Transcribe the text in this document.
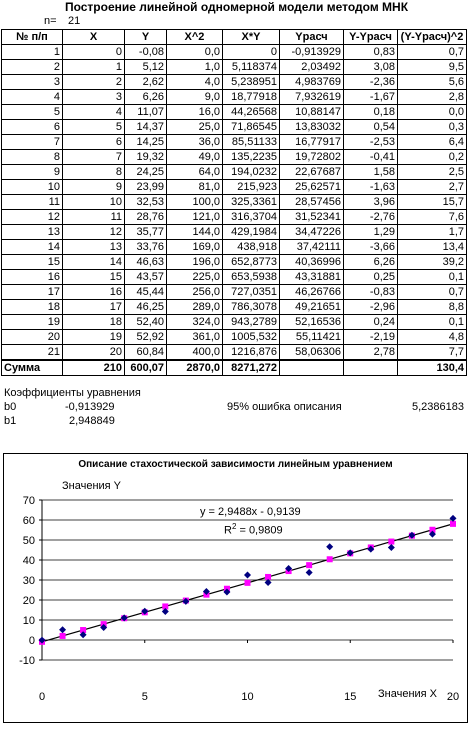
Построение линейной одномерной модели методом МНК
n= 21
№ п/п	X	Y	X^2	X*Y	Yрасч	Y-Yрасч	(Y-Yрасч)^2
1	0	-0,08	0,0	0	-0,913929	0,83	0,7
2	1	5,12	1,0	5,118374	2,03492	3,08	9,5
3	2	2,62	4,0	5,238951	4,983769	-2,36	5,6
4	3	6,26	9,0	18,77918	7,932619	-1,67	2,8
5	4	11,07	16,0	44,26568	10,88147	0,18	0,0
6	5	14,37	25,0	71,86545	13,83032	0,54	0,3
7	6	14,25	36,0	85,51133	16,77917	-2,53	6,4
8	7	19,32	49,0	135,2235	19,72802	-0,41	0,2
9	8	24,25	64,0	194,0232	22,67687	1,58	2,5
10	9	23,99	81,0	215,923	25,62571	-1,63	2,7
11	10	32,53	100,0	325,3361	28,57456	3,96	15,7
12	11	28,76	121,0	316,3704	31,52341	-2,76	7,6
13	12	35,77	144,0	429,1984	34,47226	1,29	1,7
14	13	33,76	169,0	438,918	37,42111	-3,66	13,4
15	14	46,63	196,0	652,8773	40,36996	6,26	39,2
16	15	43,57	225,0	653,5938	43,31881	0,25	0,1
17	16	45,44	256,0	727,0351	46,26766	-0,83	0,7
18	17	46,25	289,0	786,3078	49,21651	-2,96	8,8
19	18	52,40	324,0	943,2789	52,16536	0,24	0,1
20	19	52,92	361,0	1005,532	55,11421	-2,19	4,8
21	20	60,84	400,0	1216,876	58,06306	2,78	7,7
Сумма	210	600,07	2870,0	8271,272			130,4
Коэффициенты уравнения
b0	-0,913929	95% ошибка описания	5,2386183
b1	2,948849
Описание стахостической зависимости линейным уравнением
Значения Y
-10
0
10
20
30
40
50
60
70
0	5	10	15	20
y = 2,9488x - 0,9139
$R^2 = 0,9809$
Значения X
